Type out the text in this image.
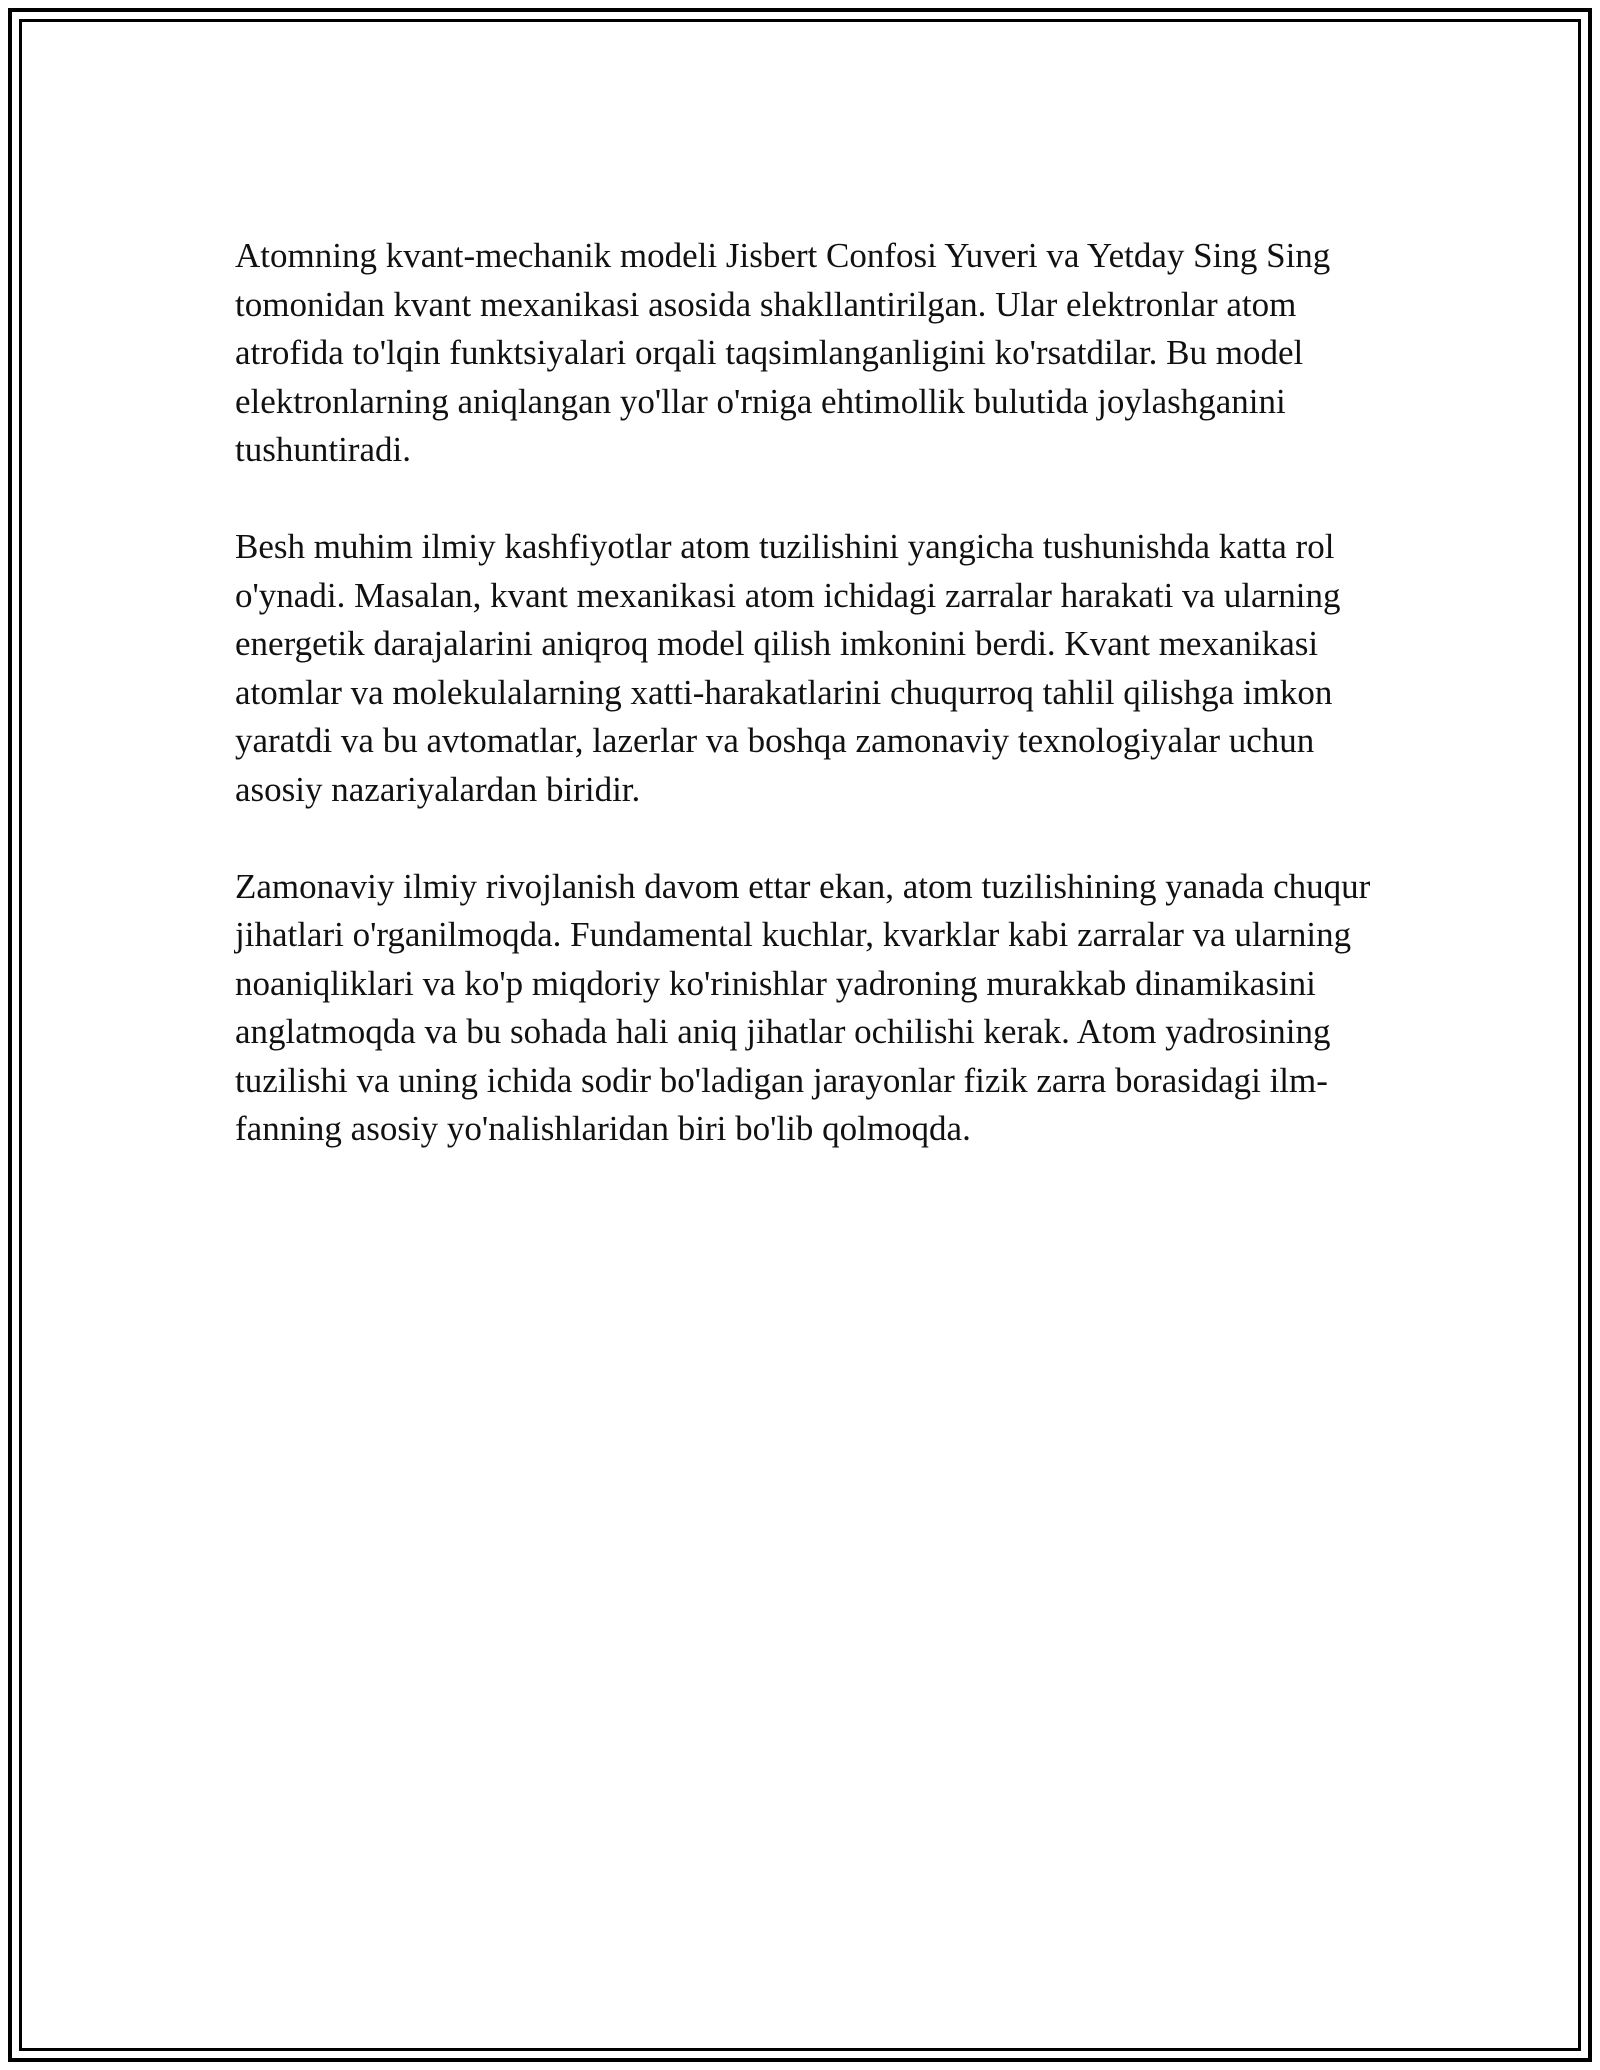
Atomning kvant-mechanik modeli Jisbert Confosi Yuveri va Yetday Sing Sing tomonidan kvant mexanikasi asosida shakllantirilgan. Ular elektronlar atom atrofida to'lqin funktsiyalari orqali taqsimlanganligini ko'rsatdilar. Bu model elektronlarning aniqlangan yo'llar o'rniga ehtimollik bulutida joylashganini tushuntiradi.

Besh muhim ilmiy kashfiyotlar atom tuzilishini yangicha tushunishda katta rol o'ynadi. Masalan, kvant mexanikasi atom ichidagi zarralar harakati va ularning energetik darajalarini aniqroq model qilish imkonini berdi. Kvant mexanikasi atomlar va molekulalarning xatti-harakatlarini chuqurroq tahlil qilishga imkon yaratdi va bu avtomatlar, lazerlar va boshqa zamonaviy texnologiyalar uchun asosiy nazariyalardan biridir.

Zamonaviy ilmiy rivojlanish davom ettar ekan, atom tuzilishining yanada chuqur jihatlari o'rganilmoqda. Fundamental kuchlar, kvarklar kabi zarralar va ularning noaniqliklari va ko'p miqdoriy ko'rinishlar yadroning murakkab dinamikasini anglatmoqda va bu sohada hali aniq jihatlar ochilishi kerak. Atom yadrosining tuzilishi va uning ichida sodir bo'ladigan jarayonlar fizik zarra borasidagi ilm-fanning asosiy yo'nalishlaridan biri bo'lib qolmoqda.
